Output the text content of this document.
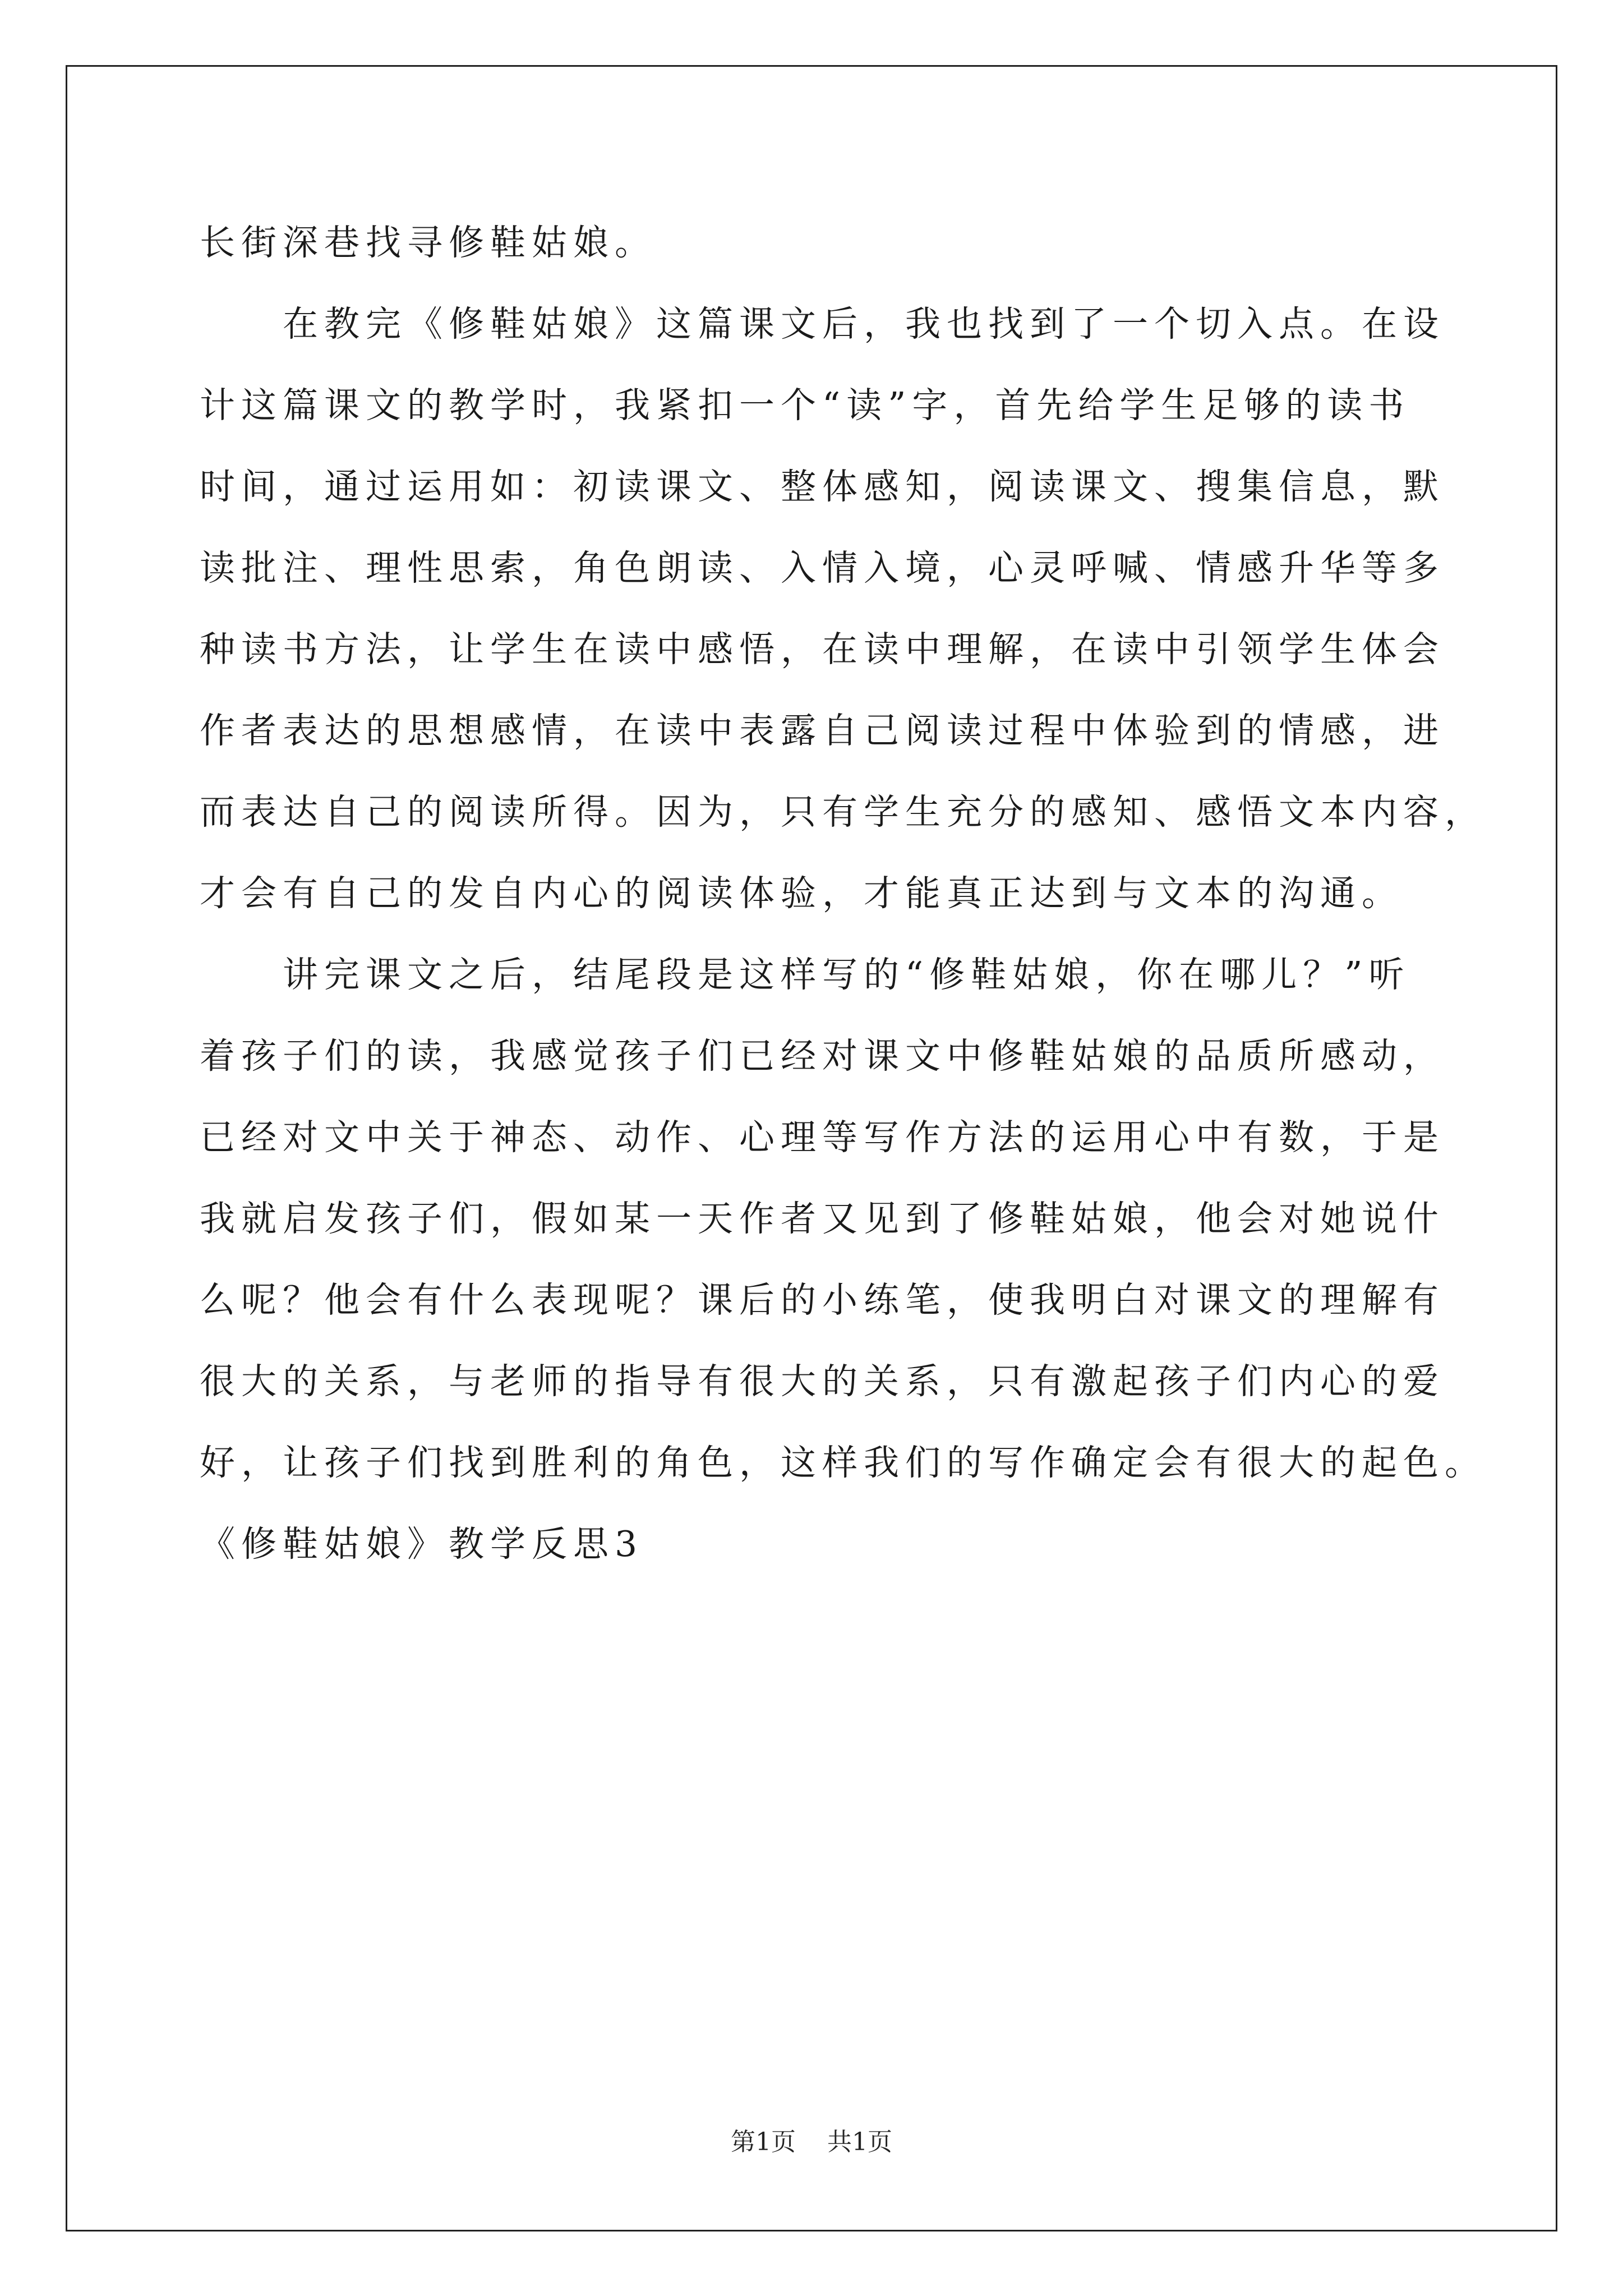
长街深巷找寻修鞋姑娘。
在教完《修鞋姑娘》这篇课文后，我也找到了一个切入点。在设
计这篇课文的教学时，我紧扣一个“读”字，首先给学生足够的读书
时间，通过运用如：初读课文、整体感知，阅读课文、搜集信息，默
读批注、理性思索，角色朗读、入情入境，心灵呼喊、情感升华等多
种读书方法，让学生在读中感悟，在读中理解，在读中引领学生体会
作者表达的思想感情，在读中表露自己阅读过程中体验到的情感，进
而表达自己的阅读所得。因为，只有学生充分的感知、感悟文本内容，
才会有自己的发自内心的阅读体验，才能真正达到与文本的沟通。
讲完课文之后，结尾段是这样写的“修鞋姑娘，你在哪儿？”听
着孩子们的读，我感觉孩子们已经对课文中修鞋姑娘的品质所感动，
已经对文中关于神态、动作、心理等写作方法的运用心中有数，于是
我就启发孩子们，假如某一天作者又见到了修鞋姑娘，他会对她说什
么呢？他会有什么表现呢？课后的小练笔，使我明白对课文的理解有
很大的关系，与老师的指导有很大的关系，只有激起孩子们内心的爱
好，让孩子们找到胜利的角色，这样我们的写作确定会有很大的起色。
《修鞋姑娘》教学反思3
第1页 共1页
